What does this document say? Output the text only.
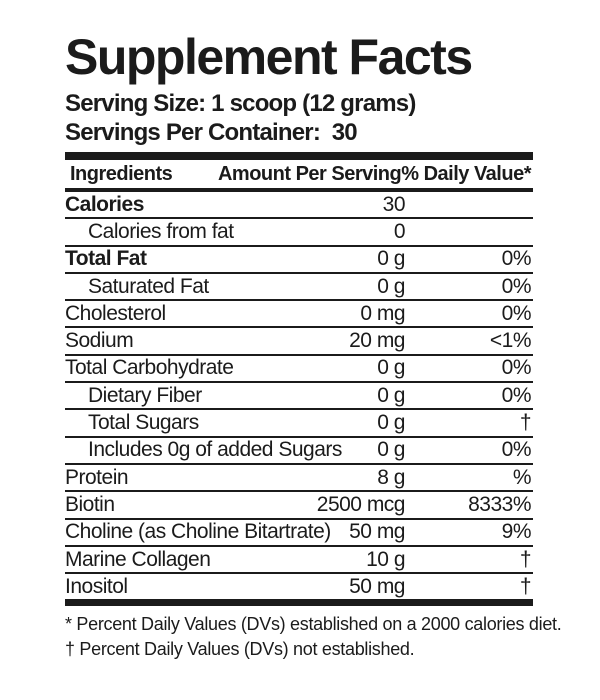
Supplement Facts
Serving Size: 1 scoop (12 grams)
Servings Per Container:  30
Ingredients Amount Per Serving % Daily Value*
Calories	30
Calories from fat	0
Total Fat	0 g	0%
Saturated Fat	0 g	0%
Cholesterol	0 mg	0%
Sodium	20 mg	<1%
Total Carbohydrate	0 g	0%
Dietary Fiber	0 g	0%
Total Sugars	0 g	†
Includes 0g of added Sugars 0 g	0%
Protein	8 g	%
Biotin	2500 mcg	8333%
Choline (as Choline Bitartrate) 50 mg	9%
Marine Collagen	10 g	†
Inositol	50 mg	†
* Percent Daily Values (DVs) established on a 2000 calories diet.
† Percent Daily Values (DVs) not established.
